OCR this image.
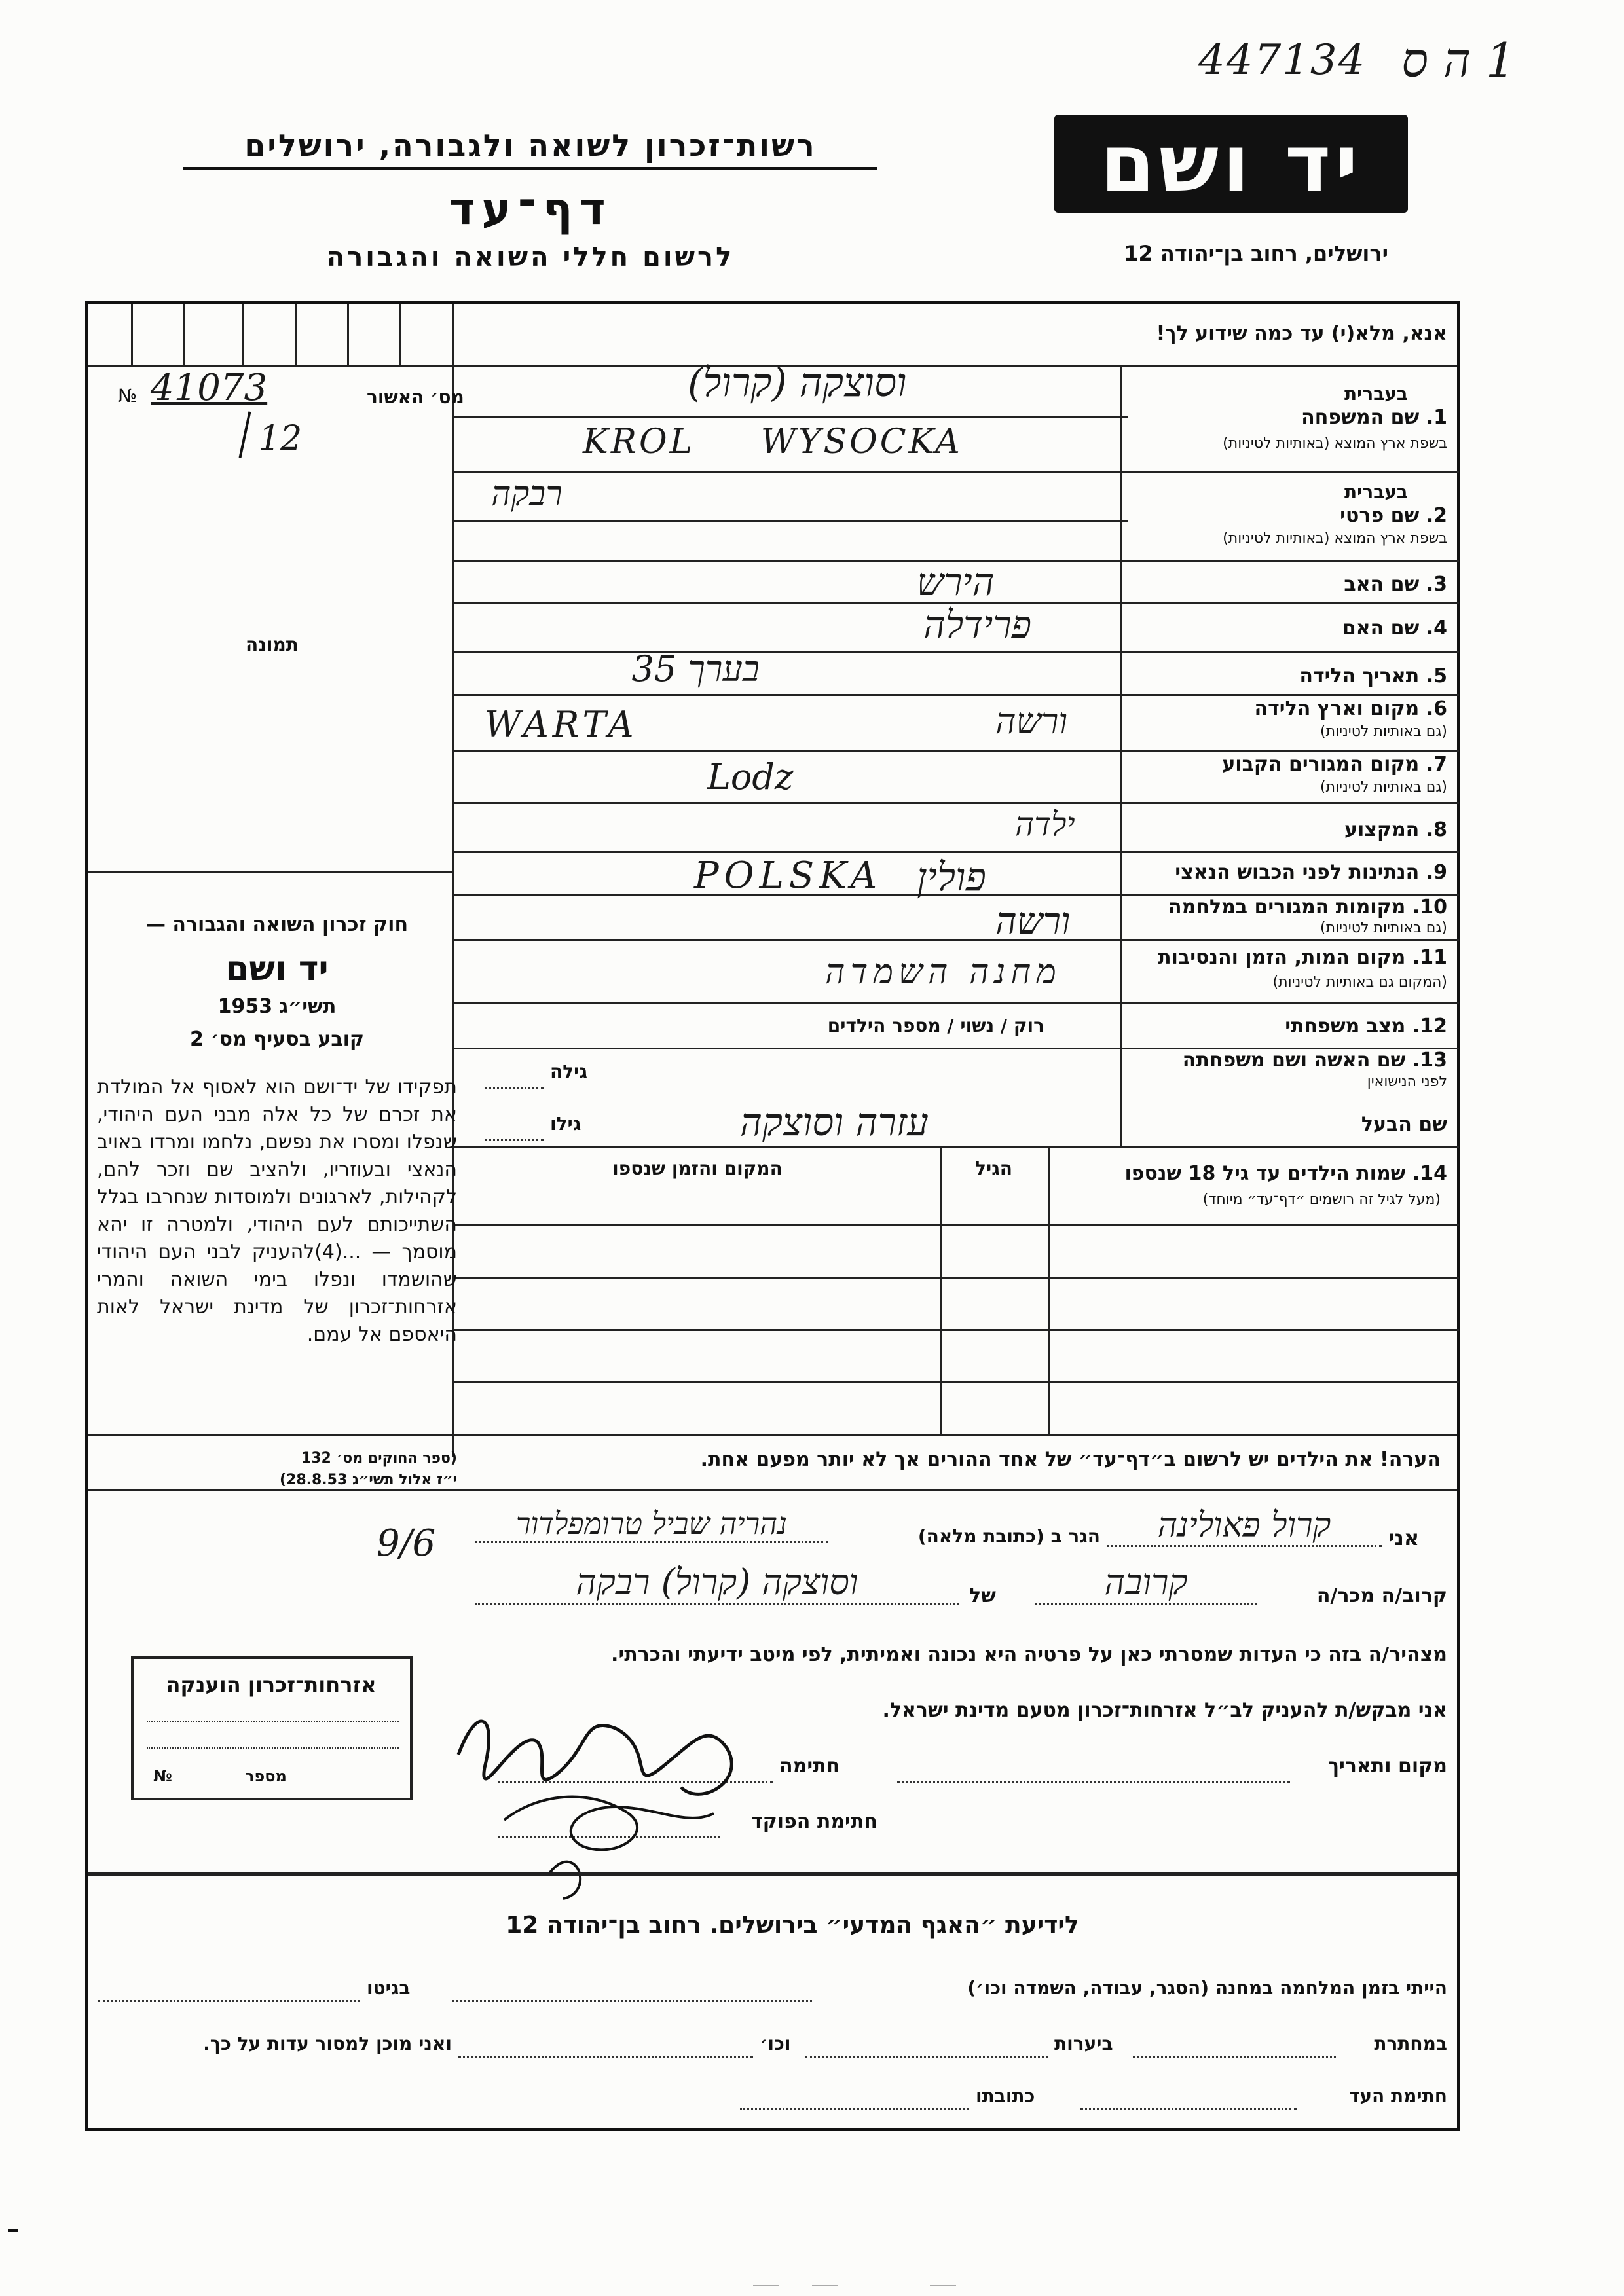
447134 1 ה ס
רשות־זכרון לשואה ולגבורה, ירושלים
דף־עד
לרשום חללי השואה והגבורה
יד ושם
ירושלים, רחוב בן־יהודה 12
אנא, מלא(י) עד כמה שידוע לך!
מס׳ האשור
№ 41073
12
תמונה
בעברית
1. שם המשפחה
בשפת ארץ המוצא (באותיות לטיניות)
בעברית
2. שם פרטי
בשפת ארץ המוצא (באותיות לטיניות)
3. שם האב
4. שם האם
5. תאריך הלידה
6. מקום וארץ הלידה
(גם באותיות לטיניות)
7. מקום המגורים הקבוע
(גם באותיות לטיניות)
8. המקצוע
9. הנתינות לפני הכבוש הנאצי
10. מקומות המגורים במלחמה
(גם באותיות לטיניות)
11. מקום המות, הזמן והנסיבות
(המקום גם באותיות לטיניות)
12. מצב משפחתי
רוק / נשוי / מספר הילדים
13. שם האשה ושם משפחתה
לפני הנישואין
גילה
שם הבעל
גילו
וסוצקה (קרול)
KROL WYSOCKA
רבקה
הירש
פרידלה
בערך 35
ורשה
WARTA
Lodz
ילדה
פולין
POLSKA
ורשה
מחנה השמדה
עזרה וסוצקה
14. שמות הילדים עד גיל 18 שנספו
(מעל לגיל זה רושמים ״דף־עד״ מיוחד)
הגיל
המקום והזמן שנספו
הערה! את הילדים יש לרשום ב״דף־עד״ של אחד ההורים אך לא יותר מפעם אחת.
חוק זכרון השואה והגבורה —
יד ושם
תשי״ג 1953
קובע בסעיף מס׳ 2
תפקידו של יד־ושם הוא לאסוף אל המולדת את זכרם של כל אלה מבני העם היהודי, שנפלו ומסרו את נפשם, נלחמו ומרדו באויב הנאצי ובעוזריו, ולהציב שם וזכר להם, לקהילות, לארגונים ולמוסדות שנחרבו בגלל השתייכותם לעם היהודי, ולמטרה זו יהא מוסמך — ...(4)להעניק לבני העם היהודי שהושמדו ונפלו בימי השואה והמרי אזרחות־זכרון של מדינת ישראל לאות היאספם אל עמם.
(ספר החוקים מס׳ 132
י״ז אלול תשי״ג 28.8.53)
9/6	אני
קרול פאולינה
הגר ב (כתובת מלאה)
נהריה שביל טרומפלדור
קרוב/ה מכר/ה
קרובה
של
וסוצקה (קרול) רבקה
מצהיר/ה בזה כי העדות שמסרתי כאן על פרטיה היא נכונה ואמיתית, לפי מיטב ידיעתי והכרתי.
אני מבקש/ת להעניק לב״ל אזרחות־זכרון מטעם מדינת ישראל.
מקום ותאריך
חתימה
חתימת הפוקד
אזרחות־זכרון הוענקה
מספר
№
לידיעת ״האגף המדעי״ בירושלים. רחוב בן־יהודה 12
הייתי בזמן המלחמה במחנה (הסגר, עבודה, השמדה וכו׳)
בגיטו
במחתרת
ביערות
וכו׳
ואני מוכן למסור עדות על כך.
חתימת העד
כתובתו
